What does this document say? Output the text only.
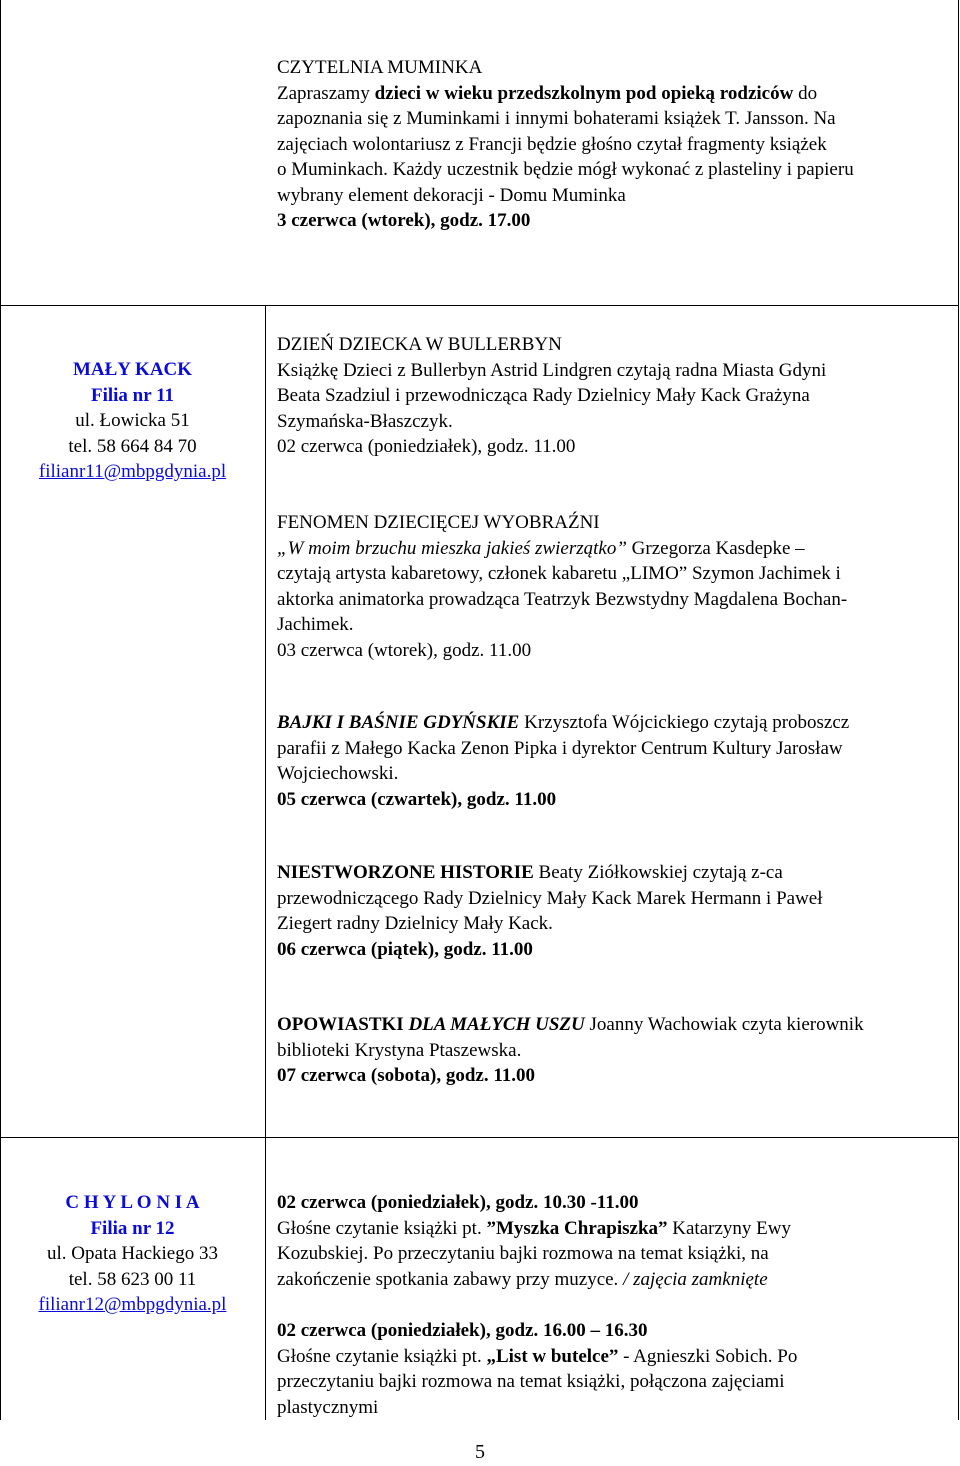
CZYTELNIA MUMINKA

Zapraszamy dzieci w wieku przedszkolnym pod opieką rodziców do

zapoznania się z Muminkami i innymi bohaterami książek T. Jansson. Na

zajęciach wolontariusz z Francji będzie głośno czytał fragmenty książek

o Muminkach. Każdy uczestnik będzie mógł wykonać z plasteliny i papieru

wybrany element dekoracji - Domu Muminka

3 czerwca (wtorek), godz. 17.00

MAŁY KACK

Filia nr 11

ul. Łowicka 51

tel. 58 664 84 70

filianr11@mbpgdynia.pl

DZIEŃ DZIECKA W BULLERBYN

Książkę Dzieci z Bullerbyn Astrid Lindgren czytają radna Miasta Gdyni

Beata Szadziul i przewodnicząca Rady Dzielnicy Mały Kack Grażyna

Szymańska-Błaszczyk.

02 czerwca (poniedziałek), godz. 11.00

FENOMEN DZIECIĘCEJ WYOBRAŹNI

„W moim brzuchu mieszka jakieś zwierzątko” Grzegorza Kasdepke –

czytają artysta kabaretowy, członek kabaretu „LIMO” Szymon Jachimek i

aktorka animatorka prowadząca Teatrzyk Bezwstydny Magdalena Bochan-

Jachimek.

03 czerwca (wtorek), godz. 11.00

BAJKI I BAŚNIE GDYŃSKIE Krzysztofa Wójcickiego czytają proboszcz

parafii z Małego Kacka Zenon Pipka i dyrektor Centrum Kultury Jarosław

Wojciechowski.

05 czerwca (czwartek), godz. 11.00

NIESTWORZONE HISTORIE Beaty Ziółkowskiej czytają z-ca

przewodniczącego Rady Dzielnicy Mały Kack Marek Hermann i Paweł

Ziegert radny Dzielnicy Mały Kack.

06 czerwca (piątek), godz. 11.00

OPOWIASTKI DLA MAŁYCH USZU Joanny Wachowiak czyta kierownik

biblioteki Krystyna Ptaszewska.

07 czerwca (sobota), godz. 11.00

C H Y L O N I A

Filia nr 12

ul. Opata Hackiego 33

tel. 58 623 00 11

filianr12@mbpgdynia.pl

02 czerwca (poniedziałek), godz. 10.30 -11.00

Głośne czytanie książki pt. ”Myszka Chrapiszka” Katarzyny Ewy

Kozubskiej. Po przeczytaniu bajki rozmowa na temat książki, na

zakończenie spotkania zabawy przy muzyce. / zajęcia zamknięte

02 czerwca (poniedziałek), godz. 16.00 – 16.30

Głośne czytanie książki pt. „List w butelce” - Agnieszki Sobich. Po

przeczytaniu bajki rozmowa na temat książki, połączona zajęciami

plastycznymi

5
